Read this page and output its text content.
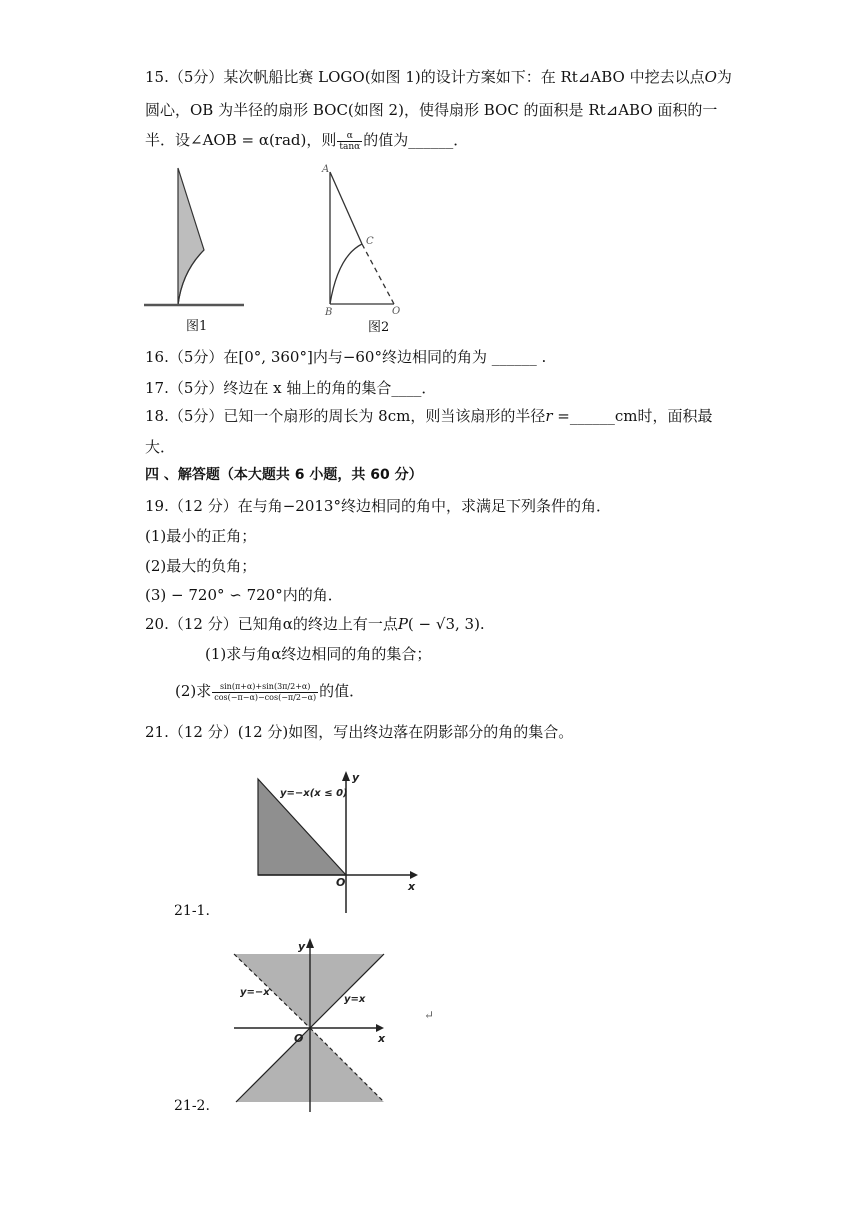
15.（5分）某次帆船比赛 LOGO(如图 1)的设计方案如下：在 Rt⊿ABO 中挖去以点𝑂为
圆心，OB 为半径的扇形 BOC(如图 2)，使得扇形 BOC 的面积是 Rt⊿ABO 面积的一
半．设∠AOB = α(rad)，则 $\frac{\alpha}{\tan\alpha}$ 的值为______．
图1
A
C
B	O
图2
16.（5分）在[0°, 360°]内与−60°终边相同的角为 ______ .
17.（5分）终边在 x 轴上的角的集合____．
18.（5分）已知一个扇形的周长为 8cm，则当该扇形的半径𝑟 =______cm时，面积最
大．
四 、解答题（本大题共 6 小题，共 60 分）
19.（12 分）在与角−2013°终边相同的角中，求满足下列条件的角．
(1)最小的正角；
(2)最大的负角；
(3) − 720° ∽ 720°内的角．
20.（12 分）已知角α的终边上有一点𝑃( − √3, 3).
(1)求与角α终边相同的角的集合；
(2)求 $\frac{\sin(\pi+\alpha)+\sin(3\pi/2+\alpha)}{\cos(-\pi-\alpha)-\cos(-\pi/2-\alpha)}$ 的值．
21.（12 分）(12 分)如图，写出终边落在阴影部分的角的集合。
y=−x(x ≤ 0)
y
x
O
21-1.
y=−x
y=x
y
x
O
↵
21-2.
